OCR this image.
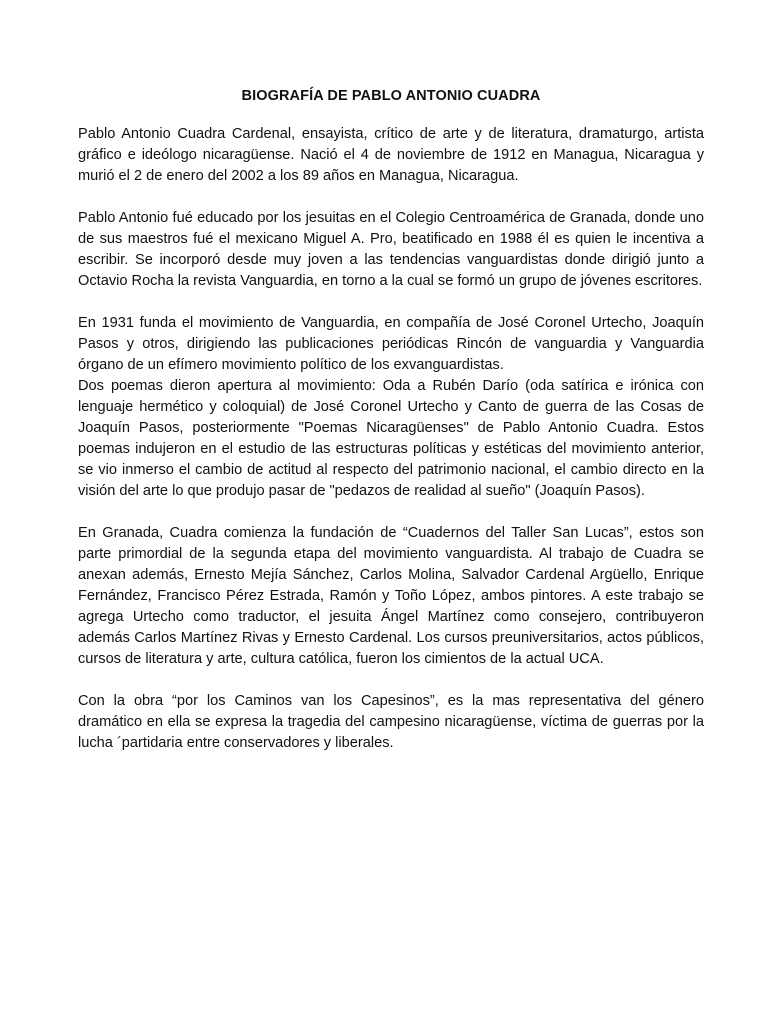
BIOGRAFÍA DE PABLO ANTONIO CUADRA

Pablo Antonio Cuadra Cardenal, ensayista, crítico de arte y de literatura, dramaturgo, artista gráfico e ideólogo nicaragüense. Nació el 4 de noviembre de 1912 en Managua, Nicaragua y murió el 2 de enero del 2002 a los 89 años en Managua, Nicaragua.

Pablo Antonio fué educado por los jesuitas en el Colegio Centroamérica de Granada, donde uno de sus maestros fué el mexicano Miguel A. Pro, beatificado en 1988 él es quien le incentiva a escribir. Se incorporó desde muy joven a las tendencias vanguardistas donde dirigió junto a Octavio Rocha la revista Vanguardia, en torno a la cual se formó un grupo de jóvenes escritores.

En 1931 funda el movimiento de Vanguardia, en compañía de José Coronel Urtecho, Joaquín Pasos y otros, dirigiendo las publicaciones periódicas Rincón de vanguardia y Vanguardia órgano de un efímero movimiento político de los exvanguardistas.

Dos poemas dieron apertura al movimiento: Oda a Rubén Darío (oda satírica e irónica con lenguaje hermético y coloquial) de José Coronel Urtecho y Canto de guerra de las Cosas de Joaquín Pasos, posteriormente "Poemas Nicaragüenses" de Pablo Antonio Cuadra. Estos poemas indujeron en el estudio de las estructuras políticas y estéticas del movimiento anterior, se vio inmerso el cambio de actitud al respecto del patrimonio nacional, el cambio directo en la visión del arte lo que produjo pasar de "pedazos de realidad al sueño" (Joaquín Pasos).

En Granada, Cuadra comienza la fundación de “Cuadernos del Taller San Lucas”, estos son parte primordial de la segunda etapa del movimiento vanguardista. Al trabajo de Cuadra se anexan además, Ernesto Mejía Sánchez, Carlos Molina, Salvador Cardenal Argüello, Enrique Fernández, Francisco Pérez Estrada, Ramón y Toño López, ambos pintores. A este trabajo se agrega Urtecho como traductor, el jesuita Ángel Martínez como consejero, contribuyeron además Carlos Martínez Rivas y Ernesto Cardenal. Los cursos preuniversitarios, actos públicos, cursos de literatura y arte, cultura católica, fueron los cimientos de la actual UCA.

Con la obra “por los Caminos van los Capesinos”, es la mas representativa del género dramático en ella se expresa la tragedia del campesino nicaragüense, víctima de guerras por la lucha ´partidaria entre conservadores y liberales.
